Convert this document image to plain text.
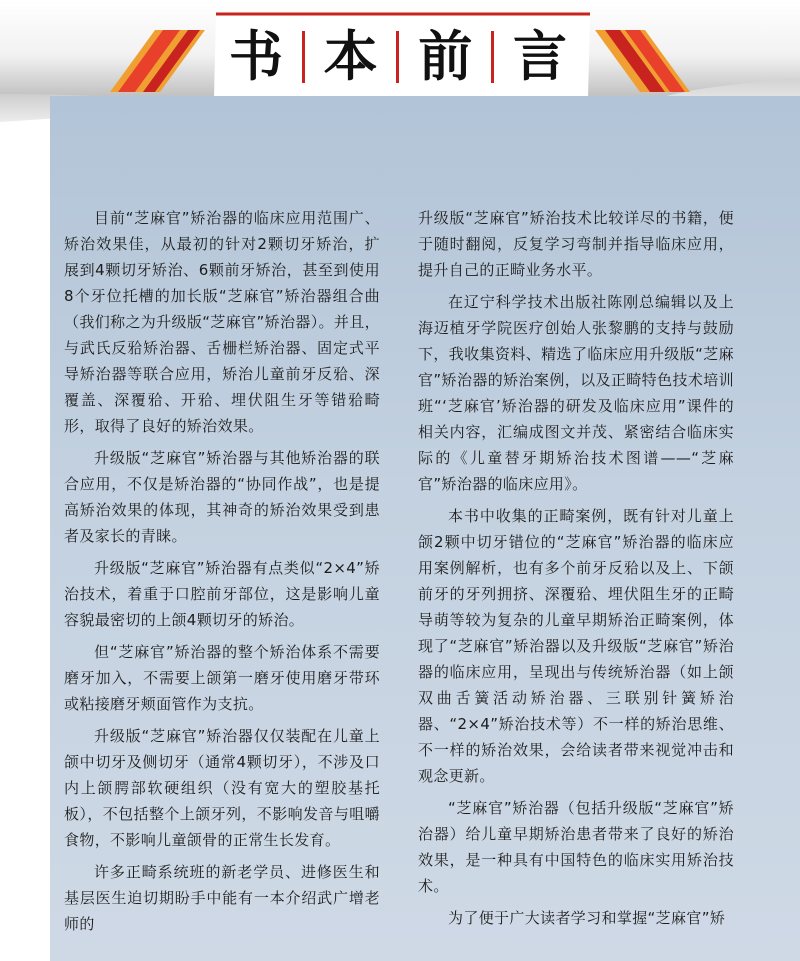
书 本 前 言

目前“芝麻官”矫治器的临床应用范围广、矫治效果佳，从最初的针对2颗切牙矫治，扩展到4颗切牙矫治、6颗前牙矫治，甚至到使用8个牙位托槽的加长版“芝麻官”矫治器组合曲（我们称之为升级版“芝麻官”矫治器）。并且，与武氏反𬌗矫治器、舌栅栏矫治器、固定式平导矫治器等联合应用，矫治儿童前牙反𬌗、深覆盖、深覆𬌗、开𬌗、埋伏阻生牙等错𬌗畸形，取得了良好的矫治效果。

升级版“芝麻官”矫治器与其他矫治器的联合应用，不仅是矫治器的“协同作战”，也是提高矫治效果的体现，其神奇的矫治效果受到患者及家长的青睐。

升级版“芝麻官”矫治器有点类似“2×4”矫治技术，着重于口腔前牙部位，这是影响儿童容貌最密切的上颌4颗切牙的矫治。

但“芝麻官”矫治器的整个矫治体系不需要磨牙加入，不需要上颌第一磨牙使用磨牙带环或粘接磨牙颊面管作为支抗。

升级版“芝麻官”矫治器仅仅装配在儿童上颌中切牙及侧切牙（通常4颗切牙），不涉及口内上颌腭部软硬组织（没有宽大的塑胶基托板），不包括整个上颌牙列，不影响发音与咀嚼食物，不影响儿童颌骨的正常生长发育。

许多正畸系统班的新老学员、进修医生和基层医生迫切期盼手中能有一本介绍武广增老师的

升级版“芝麻官”矫治技术比较详尽的书籍，便于随时翻阅，反复学习弯制并指导临床应用，提升自己的正畸业务水平。

在辽宁科学技术出版社陈刚总编辑以及上海迈植牙学院医疗创始人张黎鹏的支持与鼓励下，我收集资料、精选了临床应用升级版“芝麻官”矫治器的矫治案例，以及正畸特色技术培训班“‘芝麻官’矫治器的研发及临床应用”课件的相关内容，汇编成图文并茂、紧密结合临床实际的《儿童替牙期矫治技术图谱——“芝麻官”矫治器的临床应用》。

本书中收集的正畸案例，既有针对儿童上颌2颗中切牙错位的“芝麻官”矫治器的临床应用案例解析，也有多个前牙反𬌗以及上、下颌前牙的牙列拥挤、深覆𬌗、埋伏阻生牙的正畸导萌等较为复杂的儿童早期矫治正畸案例，体现了“芝麻官”矫治器以及升级版“芝麻官”矫治器的临床应用，呈现出与传统矫治器（如上颌双曲舌簧活动矫治器、三联别针簧矫治器、“2×4”矫治技术等）不一样的矫治思维、不一样的矫治效果，会给读者带来视觉冲击和观念更新。

“芝麻官”矫治器（包括升级版“芝麻官”矫治器）给儿童早期矫治患者带来了良好的矫治效果，是一种具有中国特色的临床实用矫治技术。

为了便于广大读者学习和掌握“芝麻官”矫
